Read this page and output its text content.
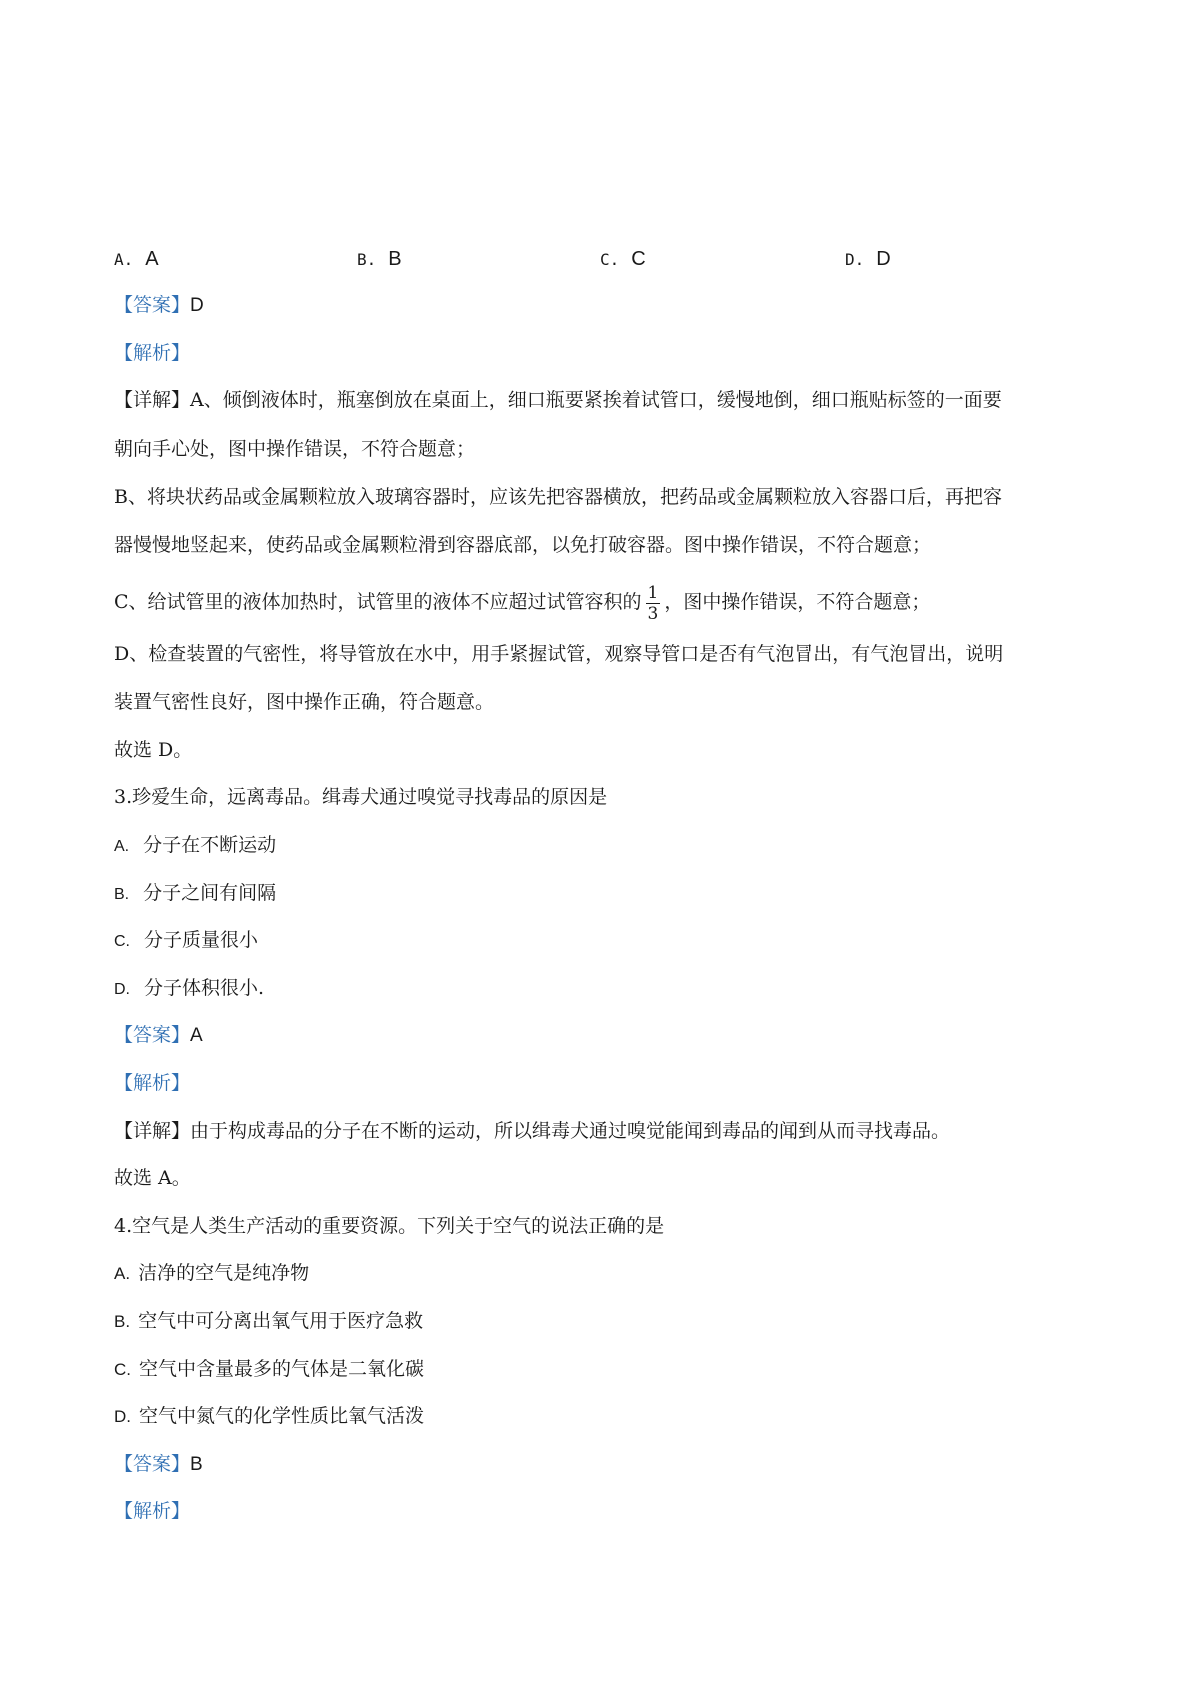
A. A	B. B	C. C	D. D
【答案】D
【解析】
【详解】A、倾倒液体时，瓶塞倒放在桌面上，细口瓶要紧挨着试管口，缓慢地倒，细口瓶贴标签的一面要
朝向手心处，图中操作错误，不符合题意；
B、将块状药品或金属颗粒放入玻璃容器时，应该先把容器横放，把药品或金属颗粒放入容器口后，再把容
器慢慢地竖起来，使药品或金属颗粒滑到容器底部，以免打破容器。图中操作错误，不符合题意；
C、给试管里的液体加热时，试管里的液体不应超过试管容积的 $\frac{1}{3}$ ，图中操作错误，不符合题意；
D、检查装置的气密性，将导管放在水中，用手紧握试管，观察导管口是否有气泡冒出，有气泡冒出，说明
装置气密性良好，图中操作正确，符合题意。
故选 D。
3.珍爱生命，远离毒品。缉毒犬通过嗅觉寻找毒品的原因是
A. 分子在不断运动
B. 分子之间有间隔
C. 分子质量很小
D. 分子体积很小.
【答案】A
【解析】
【详解】由于构成毒品的分子在不断的运动，所以缉毒犬通过嗅觉能闻到毒品的闻到从而寻找毒品。
故选 A。
4.空气是人类生产活动的重要资源。下列关于空气的说法正确的是
A. 洁净的空气是纯净物
B. 空气中可分离出氧气用于医疗急救
C. 空气中含量最多的气体是二氧化碳
D. 空气中氮气的化学性质比氧气活泼
【答案】B
【解析】
